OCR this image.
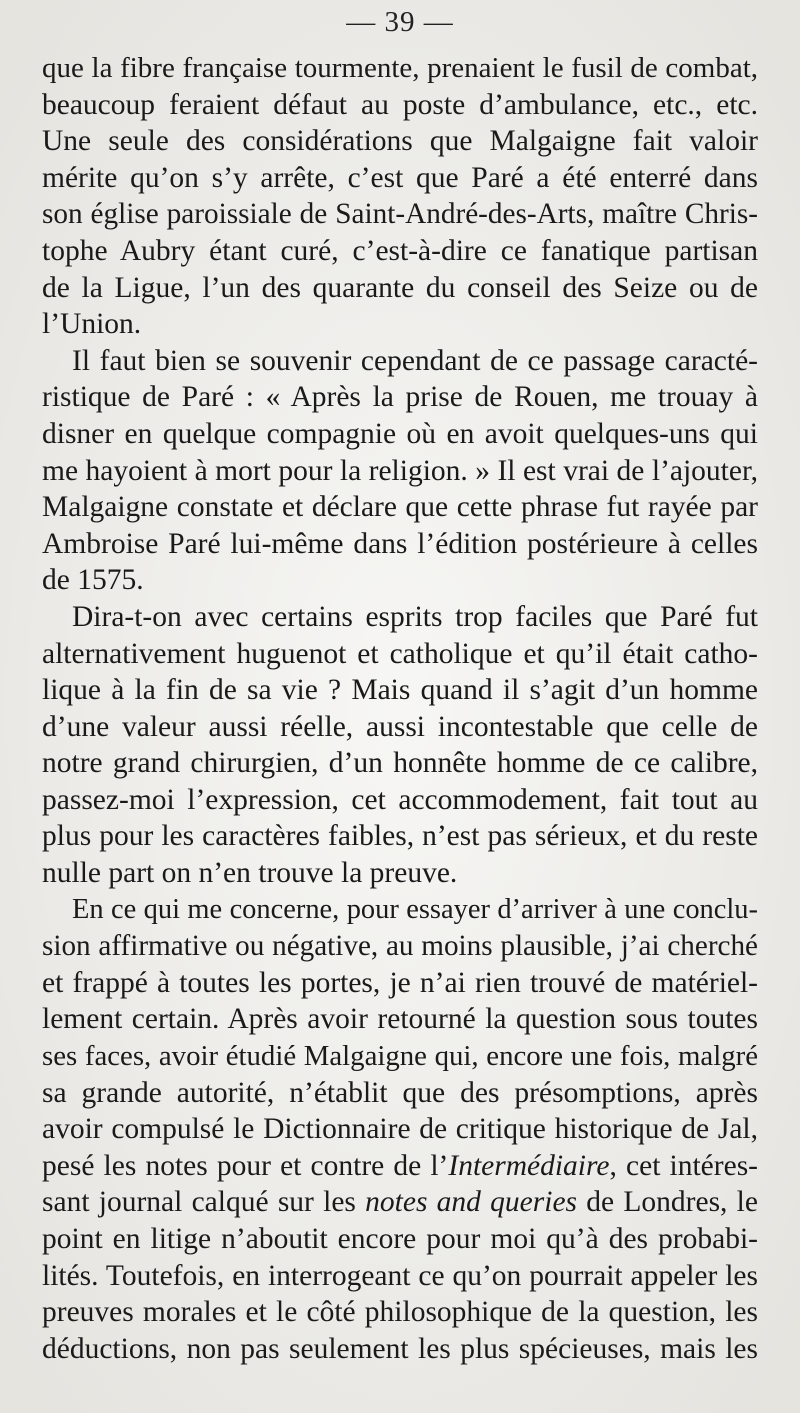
— 39 —
que la fibre française tourmente, prenaient le fusil de combat,
beaucoup feraient défaut au poste d’ambulance, etc., etc.
Une seule des considérations que Malgaigne fait valoir
mérite qu’on s’y arrête, c’est que Paré a été enterré dans
son église paroissiale de Saint-André-des-Arts, maître Chris-
tophe Aubry étant curé, c’est-à-dire ce fanatique partisan
de la Ligue, l’un des quarante du conseil des Seize ou de
l’Union.
Il faut bien se souvenir cependant de ce passage caracté-
ristique de Paré : « Après la prise de Rouen, me trouay à
disner en quelque compagnie où en avoit quelques-uns qui
me hayoient à mort pour la religion. » Il est vrai de l’ajouter,
Malgaigne constate et déclare que cette phrase fut rayée par
Ambroise Paré lui-même dans l’édition postérieure à celles
de 1575.
Dira-t-on avec certains esprits trop faciles que Paré fut
alternativement huguenot et catholique et qu’il était catho-
lique à la fin de sa vie ? Mais quand il s’agit d’un homme
d’une valeur aussi réelle, aussi incontestable que celle de
notre grand chirurgien, d’un honnête homme de ce calibre,
passez-moi l’expression, cet accommodement, fait tout au
plus pour les caractères faibles, n’est pas sérieux, et du reste
nulle part on n’en trouve la preuve.
En ce qui me concerne, pour essayer d’arriver à une conclu-
sion affirmative ou négative, au moins plausible, j’ai cherché
et frappé à toutes les portes, je n’ai rien trouvé de matériel-
lement certain. Après avoir retourné la question sous toutes
ses faces, avoir étudié Malgaigne qui, encore une fois, malgré
sa grande autorité, n’établit que des présomptions, après
avoir compulsé le Dictionnaire de critique historique de Jal,
pesé les notes pour et contre de l’Intermédiaire, cet intéres-
sant journal calqué sur les notes and queries de Londres, le
point en litige n’aboutit encore pour moi qu’à des probabi-
lités. Toutefois, en interrogeant ce qu’on pourrait appeler les
preuves morales et le côté philosophique de la question, les
déductions, non pas seulement les plus spécieuses, mais les
